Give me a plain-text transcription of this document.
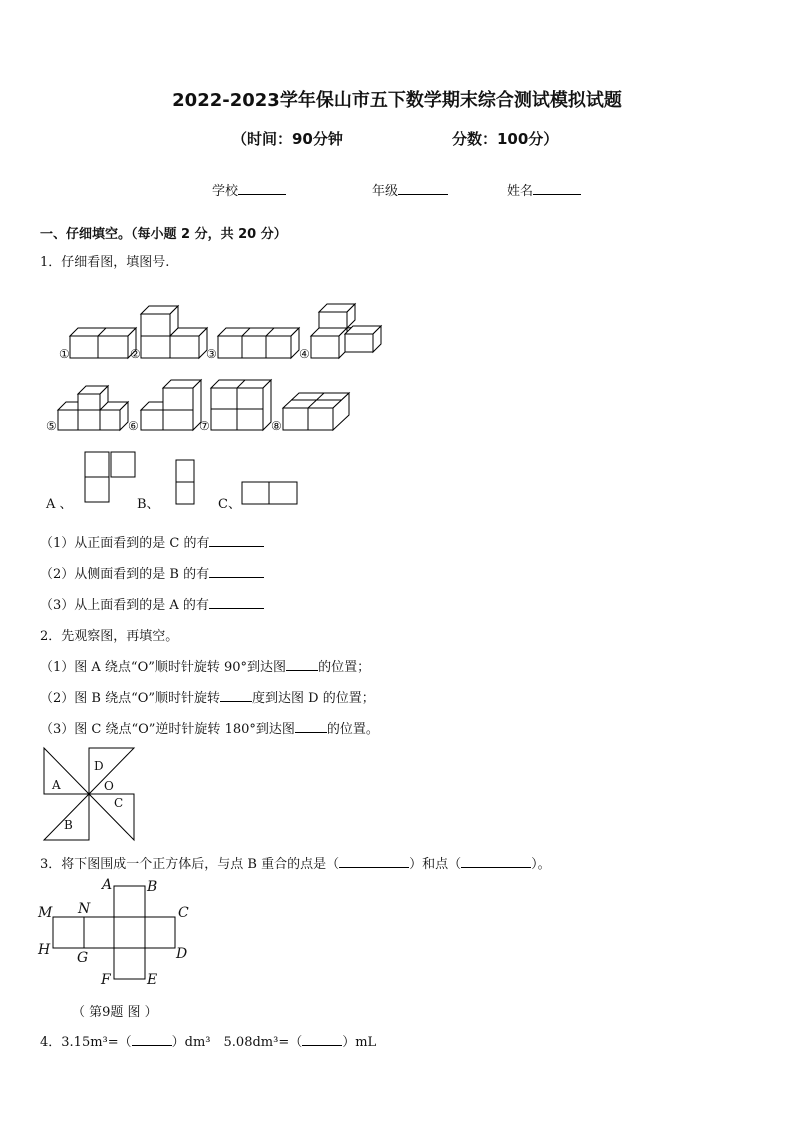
2022-2023学年保山市五下数学期末综合测试模拟试题
（时间：90分钟	分数：100分）
学校	年级	姓名
一、仔细填空。（每小题 2 分，共 20 分）
1．仔细看图，填图号.
①	②	③	④
⑤	⑥	⑦	⑧
A 、	B、	C、
（1）从正面看到的是 C 的有
（2）从侧面看到的是 B 的有
（3）从上面看到的是 A 的有
2．先观察图，再填空。
（1）图 A 绕点“O”顺时针旋转 90°到达图 的位置；
（2）图 B 绕点“O”顺时针旋转 度到达图 D 的位置；
（3）图 C 绕点“O”逆时针旋转 180°到达图 的位置。
A
D
O
C
B
3．将下图围成一个正方体后，与点 B 重合的点是（	）和点（	）。
A B
C
D
E
F
G
H
M N
（ 第9题 图 ）
4．3.15m³=（	）dm³　5.08dm³=（	）mL
